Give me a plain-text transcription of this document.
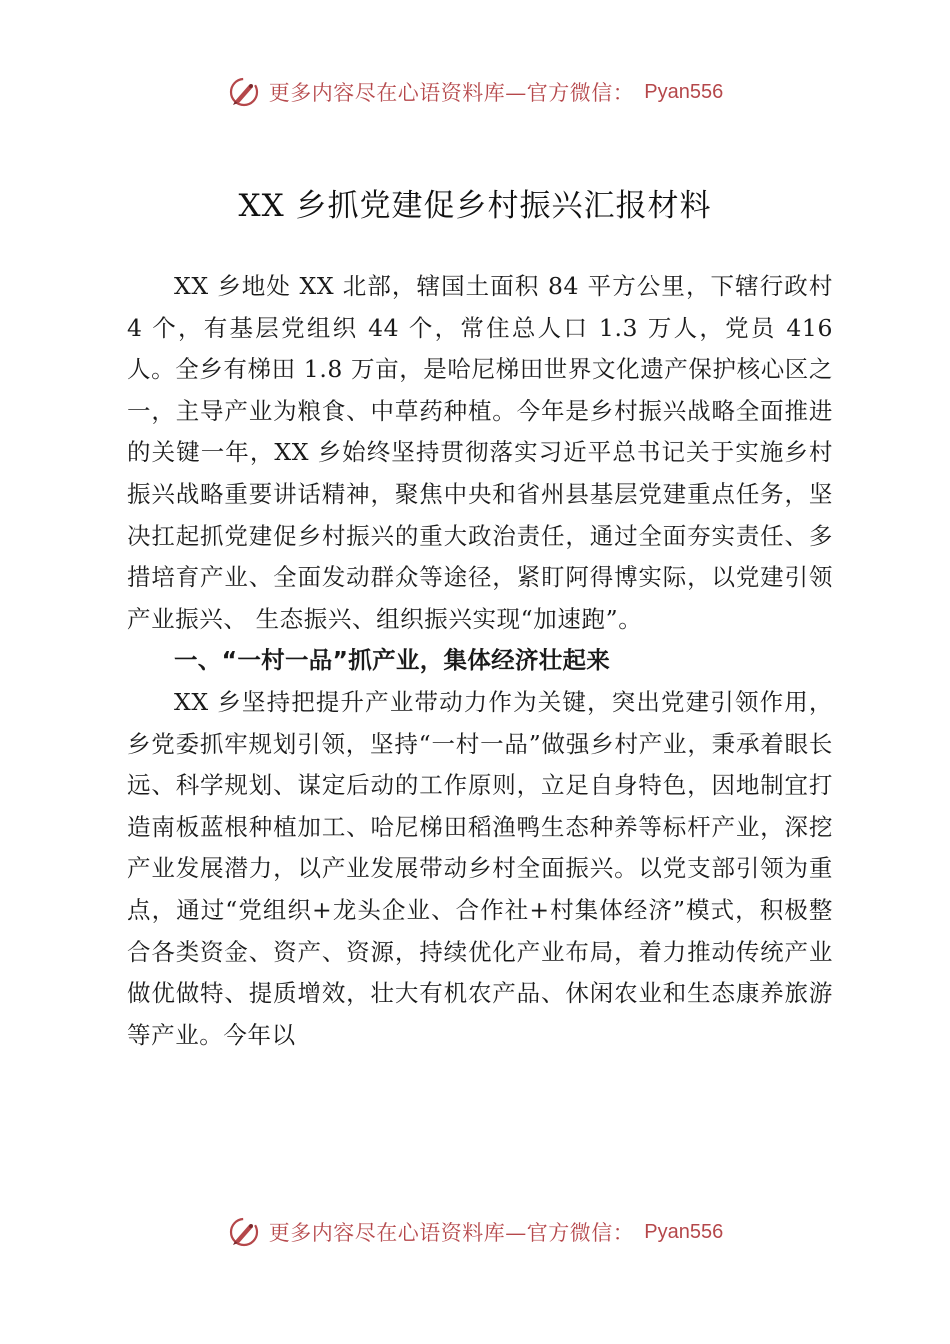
更多内容尽在心语资料库—官方微信： Pyan556
XX 乡抓党建促乡村振兴汇报材料

XX 乡地处 XX 北部，辖国土面积 84 平方公里，下辖行政村 4 个，有基层党组织 44 个，常住总人口 1.3 万人，党员 416 人。全乡有梯田 1.8 万亩，是哈尼梯田世界文化遗产保护核心区之一，主导产业为粮食、中草药种植。今年是乡村振兴战略全面推进的关键一年，XX 乡始终坚持贯彻落实习近平总书记关于实施乡村振兴战略重要讲话精神，聚焦中央和省州县基层党建重点任务，坚决扛起抓党建促乡村振兴的重大政治责任，通过全面夯实责任、多措培育产业、全面发动群众等途径，紧盯阿得博实际，以党建引领产业振兴、 生态振兴、组织振兴实现“加速跑”。

一、“一村一品”抓产业，集体经济壮起来

XX 乡坚持把提升产业带动力作为关键，突出党建引领作用，乡党委抓牢规划引领，坚持“一村一品”做强乡村产业，秉承着眼长远、科学规划、谋定后动的工作原则，立足自身特色，因地制宜打造南板蓝根种植加工、哈尼梯田稻渔鸭生态种养等标杆产业，深挖产业发展潜力，以产业发展带动乡村全面振兴。以党支部引领为重点，通过“党组织+龙头企业、合作社+村集体经济”模式，积极整合各类资金、资产、资源，持续优化产业布局，着力推动传统产业做优做特、提质增效，壮大有机农产品、休闲农业和生态康养旅游等产业。今年以

更多内容尽在心语资料库—官方微信： Pyan556
